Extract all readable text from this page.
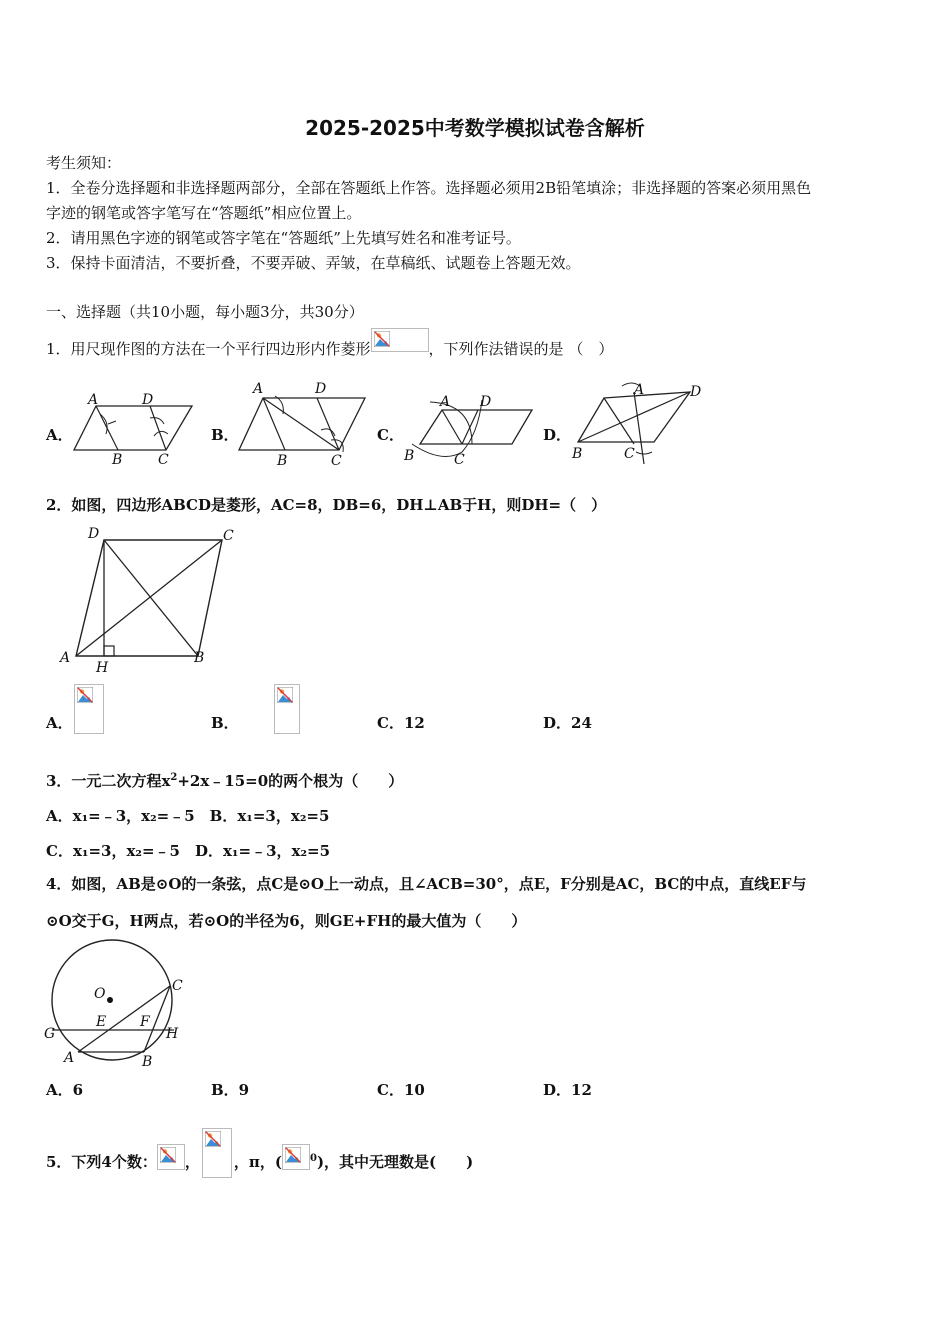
2025-2025中考数学模拟试卷含解析
考生须知：
1．全卷分选择题和非选择题两部分，全部在答题纸上作答。选择题必须用2B铅笔填涂；非选择题的答案必须用黑色
字迹的钢笔或答字笔写在“答题纸”相应位置上。
2．请用黑色字迹的钢笔或答字笔在“答题纸”上先填写姓名和准考证号。
3．保持卡面清洁，不要折叠，不要弄破、弄皱，在草稿纸、试题卷上答题无效。
一、选择题（共10小题，每小题3分，共30分）
1．用尺现作图的方法在一个平行四边形内作菱形	，下列作法错误的是 （　）
A．	B．	C．	D．
A	D
B	C
A	D
B	C
A D
B	C
A	D
B	C
2．如图，四边形ABCD是菱形，AC=8，DB=6，DH⊥AB于H，则DH=（　）
D	C
A	B
H
A．
	B．	C．12	D．24
3．一元二次方程$x^2+2x﹣15=0$的两个根为（　　）
A．x₁=﹣3，x₂=﹣5　B．x₁=3，x₂=5
C．x₁=3，x₂=﹣5　D．x₁=﹣3，x₂=5
4．如图，AB是⊙O的一条弦，点C是⊙O上一动点，且∠ACB=30°，点E，F分别是AC，BC的中点，直线EF与
⊙O交于G，H两点，若⊙O的半径为6，则GE+FH的最大值为（　　）
O	C
E F
G	H
A	B
A．6	B．9	C．10	D．12
5．下列4个数： ， ，π，(	$^0$)，其中无理数是(　　)
